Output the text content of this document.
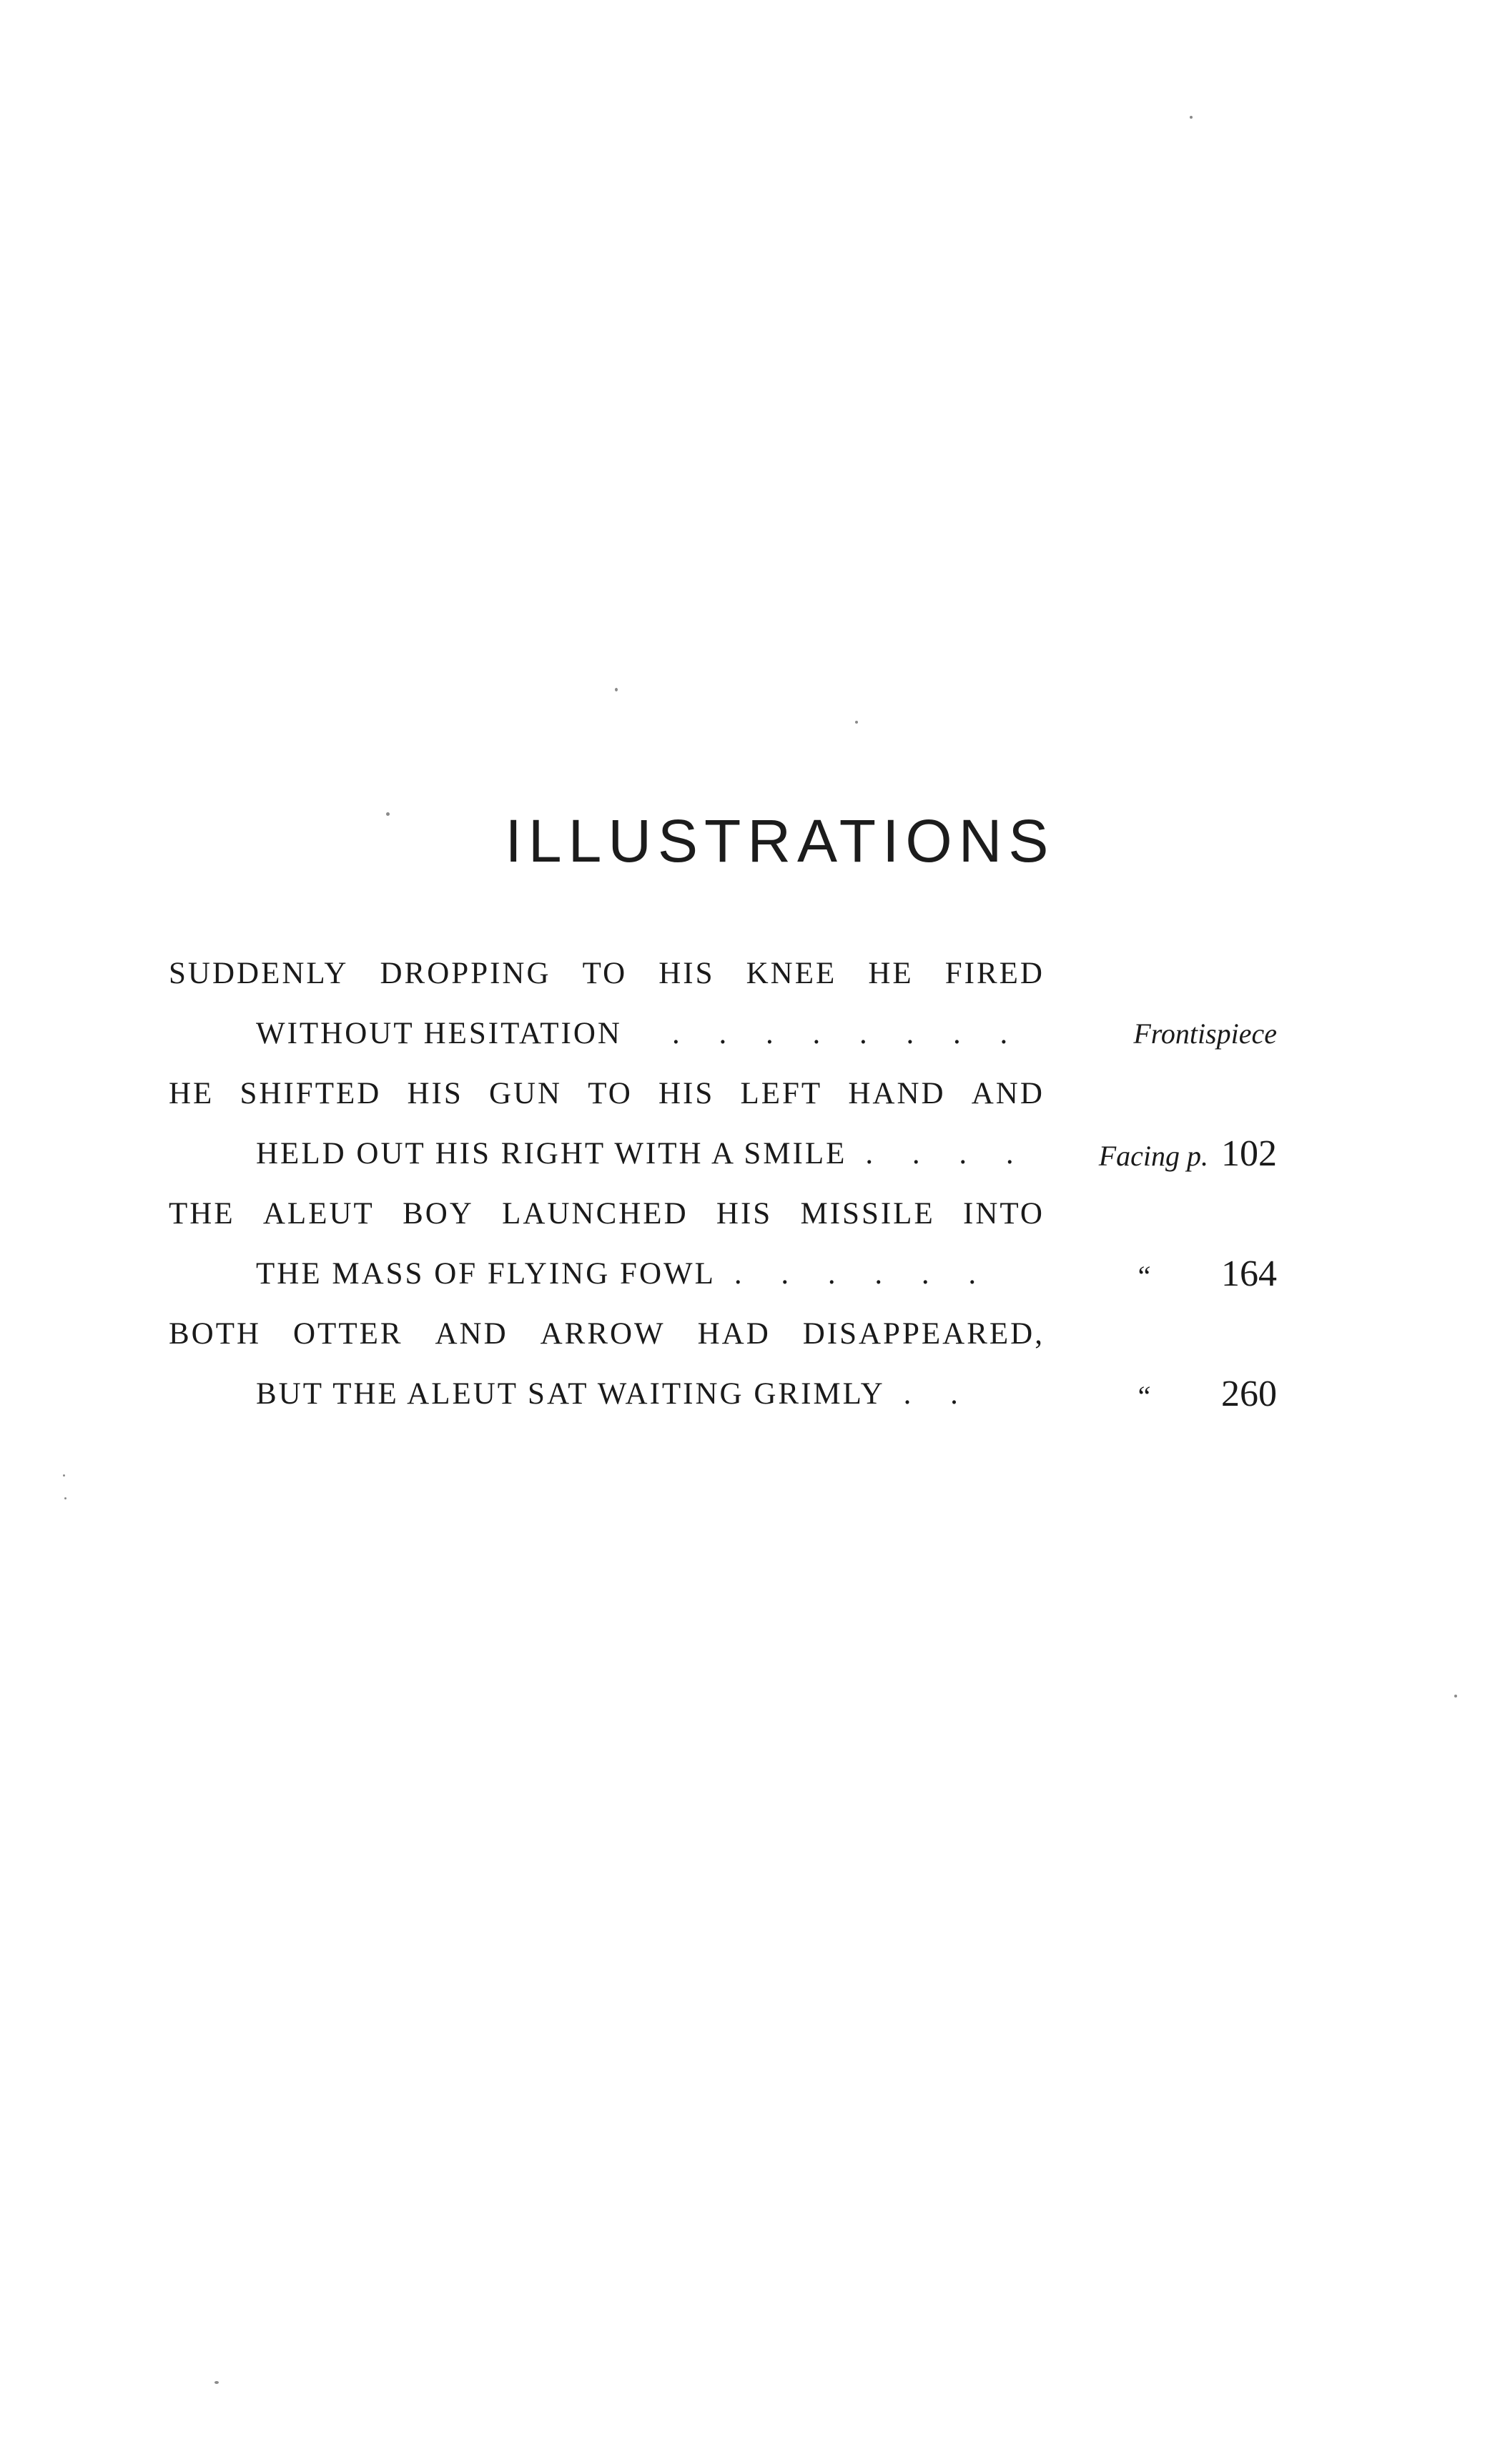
ILLUSTRATIONS
SUDDENLY DROPPING TO HIS KNEE HE FIRED
WITHOUT HESITATION . . . . . . . .	Frontispiece
HE SHIFTED HIS GUN TO HIS LEFT HAND AND
HELD OUT HIS RIGHT WITH A SMILE . . . . Facing p. 102
THE ALEUT BOY LAUNCHED HIS MISSILE INTO
THE MASS OF FLYING FOWL . . . . . .	“ 164
BOTH OTTER AND ARROW HAD DISAPPEARED,
BUT THE ALEUT SAT WAITING GRIMLY . .	“ 260
